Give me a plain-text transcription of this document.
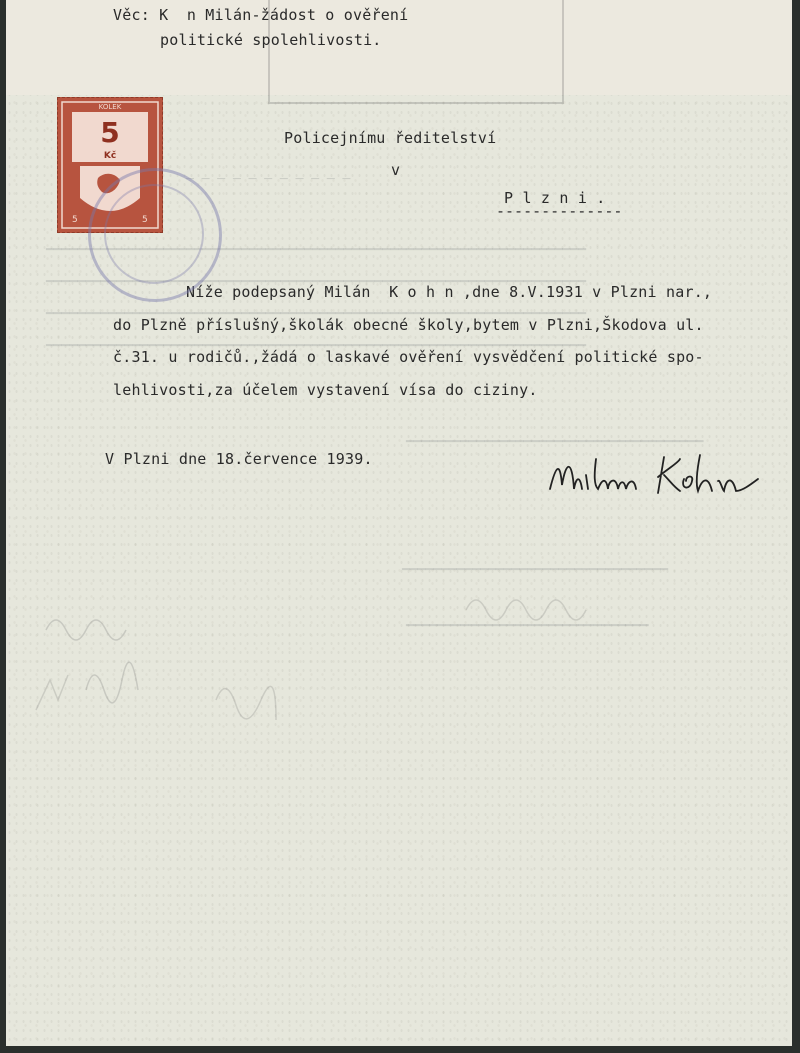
─ ─ ─ ─ ─ ─ ─ ─ ─ ─ ─
▁▁▁▁▁▁▁▁▁▁▁▁▁▁▁▁▁▁▁▁▁▁▁▁▁▁▁▁▁▁▁▁▁▁▁▁▁▁▁▁▁▁▁▁▁▁▁▁▁▁▁▁▁▁▁▁▁▁▁▁▁▁▁▁▁▁▁▁▁
▁▁▁▁▁▁▁▁▁▁▁▁▁▁▁▁▁▁▁▁▁▁▁▁▁▁▁▁▁▁▁▁▁▁▁▁▁▁▁▁▁▁▁▁▁▁▁▁▁▁▁▁▁▁▁▁▁▁▁▁▁▁▁▁▁▁▁▁▁
▁▁▁▁▁▁▁▁▁▁▁▁▁▁▁▁▁▁▁▁▁▁▁▁▁▁▁▁▁▁▁▁▁▁▁▁▁▁▁▁▁▁▁▁▁▁▁▁▁▁▁▁▁▁▁▁▁▁▁▁▁▁▁▁▁▁▁▁▁
▁▁▁▁▁▁▁▁▁▁▁▁▁▁▁▁▁▁▁▁▁▁▁▁▁▁▁▁▁▁▁▁▁▁▁▁▁▁▁▁▁▁▁▁▁▁▁▁▁▁▁▁▁▁▁▁▁▁▁▁▁▁▁▁▁▁▁▁▁
▁▁▁▁▁▁▁▁▁▁▁▁▁▁▁▁▁▁▁▁▁▁▁▁▁▁▁▁▁▁▁▁▁▁▁▁▁▁
▁▁▁▁▁▁▁▁▁▁▁▁▁▁▁▁▁▁▁▁▁▁▁▁▁▁▁▁▁▁▁▁▁▁
▁▁▁▁▁▁▁▁▁▁▁▁▁▁▁▁▁▁▁▁▁▁▁▁▁▁▁▁▁▁▁
Věc: K  n Milán-žádost o ověření
politické spolehlivosti.
Policejnímu ředitelství
v
P l z n i .
--------------
Níže podepsaný Milán  K o h n ,dne 8.V.1931 v Plzni nar.,
do Plzně příslušný,školák obecné školy,bytem v Plzni,Škodova ul.
č.31. u rodičů.,žádá o laskavé ověření vysvědčení politické spo-
lehlivosti,za účelem vystavení vísa do ciziny.
V Plzni dne 18.července 1939.
KOLEK
5
Kč
5	5
